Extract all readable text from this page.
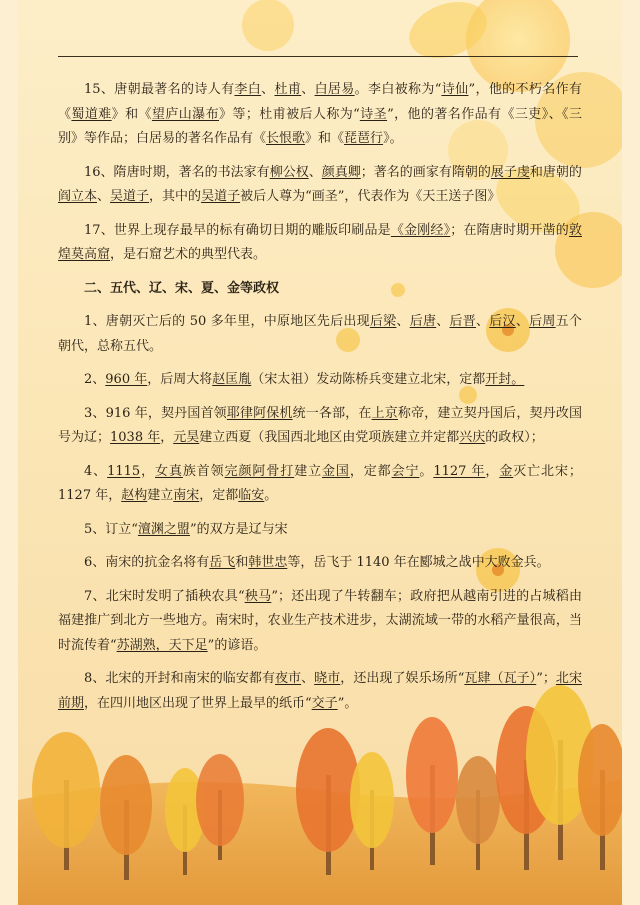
15、唐朝最著名的诗人有李白、杜甫、白居易。李白被称为“诗仙”，他的不朽名作有《蜀道难》和《望庐山瀑布》等；杜甫被后人称为“诗圣”，他的著名作品有《三吏》、《三别》等作品；白居易的著名作品有《长恨歌》和《琵琶行》。

16、隋唐时期，著名的书法家有柳公权、颜真卿；著名的画家有隋朝的展子虔和唐朝的阎立本、吴道子，其中的吴道子被后人尊为“画圣”，代表作为《天王送子图》

17、世界上现存最早的标有确切日期的雕版印刷品是《金刚经》；在隋唐时期开凿的敦煌莫高窟，是石窟艺术的典型代表。

二、五代、辽、宋、夏、金等政权

1、唐朝灭亡后的 50 多年里，中原地区先后出现后梁、后唐、后晋、后汉、后周五个朝代，总称五代。

2、960 年，后周大将赵匡胤（宋太祖）发动陈桥兵变建立北宋，定都开封。

3、916 年，契丹国首领耶律阿保机统一各部，在上京称帝，建立契丹国后，契丹改国号为辽；1038 年，元昊建立西夏（我国西北地区由党项族建立并定都兴庆的政权）；

4、1115，女真族首领完颜阿骨打建立金国，定都会宁。1127 年，金灭亡北宋；1127 年，赵构建立南宋，定都临安。

5、订立“澶渊之盟”的双方是辽与宋

6、南宋的抗金名将有岳飞和韩世忠等，岳飞于 1140 年在郾城之战中大败金兵。

7、北宋时发明了插秧农具“秧马”；还出现了牛转翻车；政府把从越南引进的占城稻由福建推广到北方一些地方。南宋时，农业生产技术进步，太湖流域一带的水稻产量很高，当时流传着“苏湖熟，天下足”的谚语。

8、北宋的开封和南宋的临安都有夜市、晓市，还出现了娱乐场所“瓦肆（瓦子）”；北宋前期，在四川地区出现了世界上最早的纸币“交子”。
